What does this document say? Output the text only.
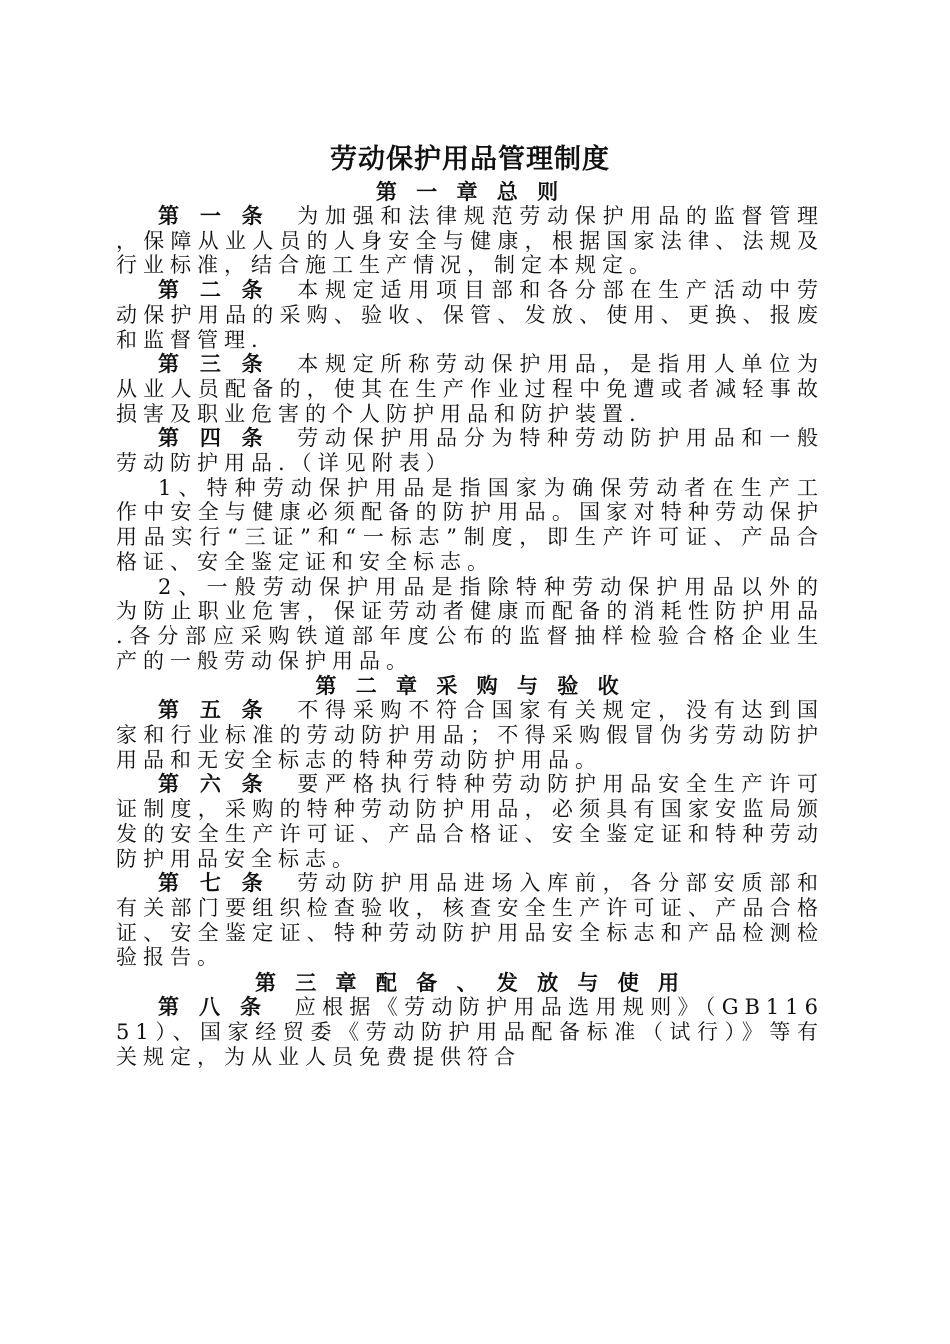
劳动保护用品管理制度
第 一 章 总 则

第 一 条　 为加强和法律规范劳动保护用品的监督管理，保障从业人员的人身安全与健康，根据国家法律、法规及行业标准，结合施工生产情况，制定本规定。

第 二 条　 本规定适用项目部和各分部在生产活动中劳动保护用品的采购、验收、保管、发放、使用、更换、报废和监督管理.

第 三 条　 本规定所称劳动保护用品，是指用人单位为从业人员配备的，使其在生产作业过程中免遭或者减轻事故损害及职业危害的个人防护用品和防护装置.

第 四 条　 劳动保护用品分为特种劳动防护用品和一般劳动防护用品.（详见附表）

1、特种劳动保护用品是指国家为确保劳动者在生产工作中安全与健康必须配备的防护用品。国家对特种劳动保护用品实行“三证”和“一标志”制度，即生产许可证、产品合格证、安全鉴定证和安全标志。

2、一般劳动保护用品是指除特种劳动保护用品以外的为防止职业危害，保证劳动者健康而配备的消耗性防护用品.各分部应采购铁道部年度公布的监督抽样检验合格企业生产的一般劳动保护用品。

第 二 章 采 购 与 验 收

第 五 条　 不得采购不符合国家有关规定，没有达到国家和行业标准的劳动防护用品；不得采购假冒伪劣劳动防护用品和无安全标志的特种劳动防护用品。

第 六 条　 要严格执行特种劳动防护用品安全生产许可证制度，采购的特种劳动防护用品，必须具有国家安监局颁发的安全生产许可证、产品合格证、安全鉴定证和特种劳动防护用品安全标志。

第 七 条　 劳动防护用品进场入库前，各分部安质部和有关部门要组织检查验收，核查安全生产许可证、产品合格证、安全鉴定证、特种劳动防护用品安全标志和产品检测检验报告。

第 三 章 配 备 、 发 放 与 使 用

第 八 条　 应根据《劳动防护用品选用规则》（GB11651）、国家经贸委《劳动防护用品配备标准（试行）》等有关规定，为从业人员免费提供符合
